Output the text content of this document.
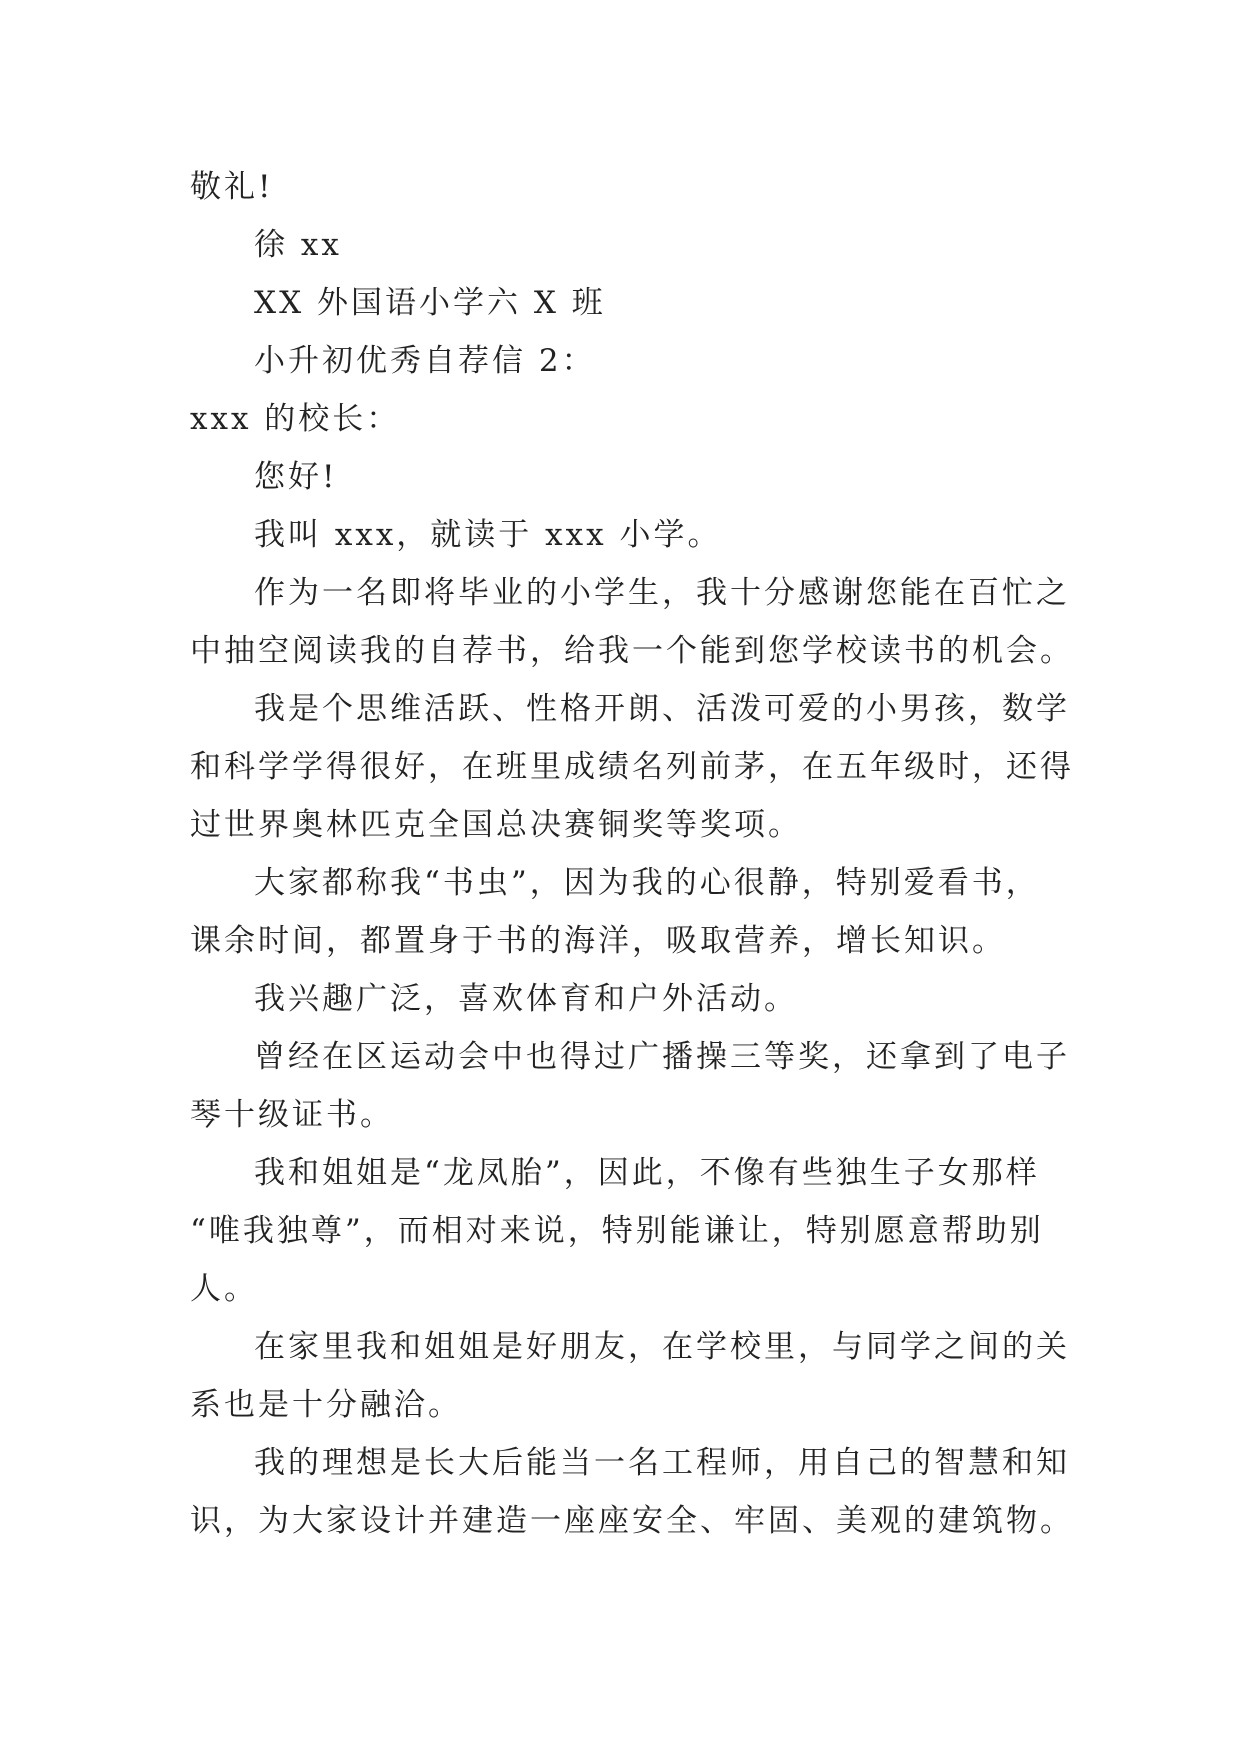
敬礼!

徐 xx

XX 外国语小学六 X 班

小升初优秀自荐信 2：

xxx 的校长：

您好!

我叫 xxx，就读于 xxx 小学。

作为一名即将毕业的小学生，我十分感谢您能在百忙之

中抽空阅读我的自荐书，给我一个能到您学校读书的机会。

我是个思维活跃、性格开朗、活泼可爱的小男孩，数学

和科学学得很好，在班里成绩名列前茅，在五年级时，还得

过世界奥林匹克全国总决赛铜奖等奖项。

大家都称我“书虫”，因为我的心很静，特别爱看书，

课余时间，都置身于书的海洋，吸取营养，增长知识。

我兴趣广泛，喜欢体育和户外活动。

曾经在区运动会中也得过广播操三等奖，还拿到了电子

琴十级证书。

我和姐姐是“龙凤胎”，因此，不像有些独生子女那样

“唯我独尊”，而相对来说，特别能谦让，特别愿意帮助别

人。

在家里我和姐姐是好朋友，在学校里，与同学之间的关

系也是十分融洽。

我的理想是长大后能当一名工程师，用自己的智慧和知

识，为大家设计并建造一座座安全、牢固、美观的建筑物。
